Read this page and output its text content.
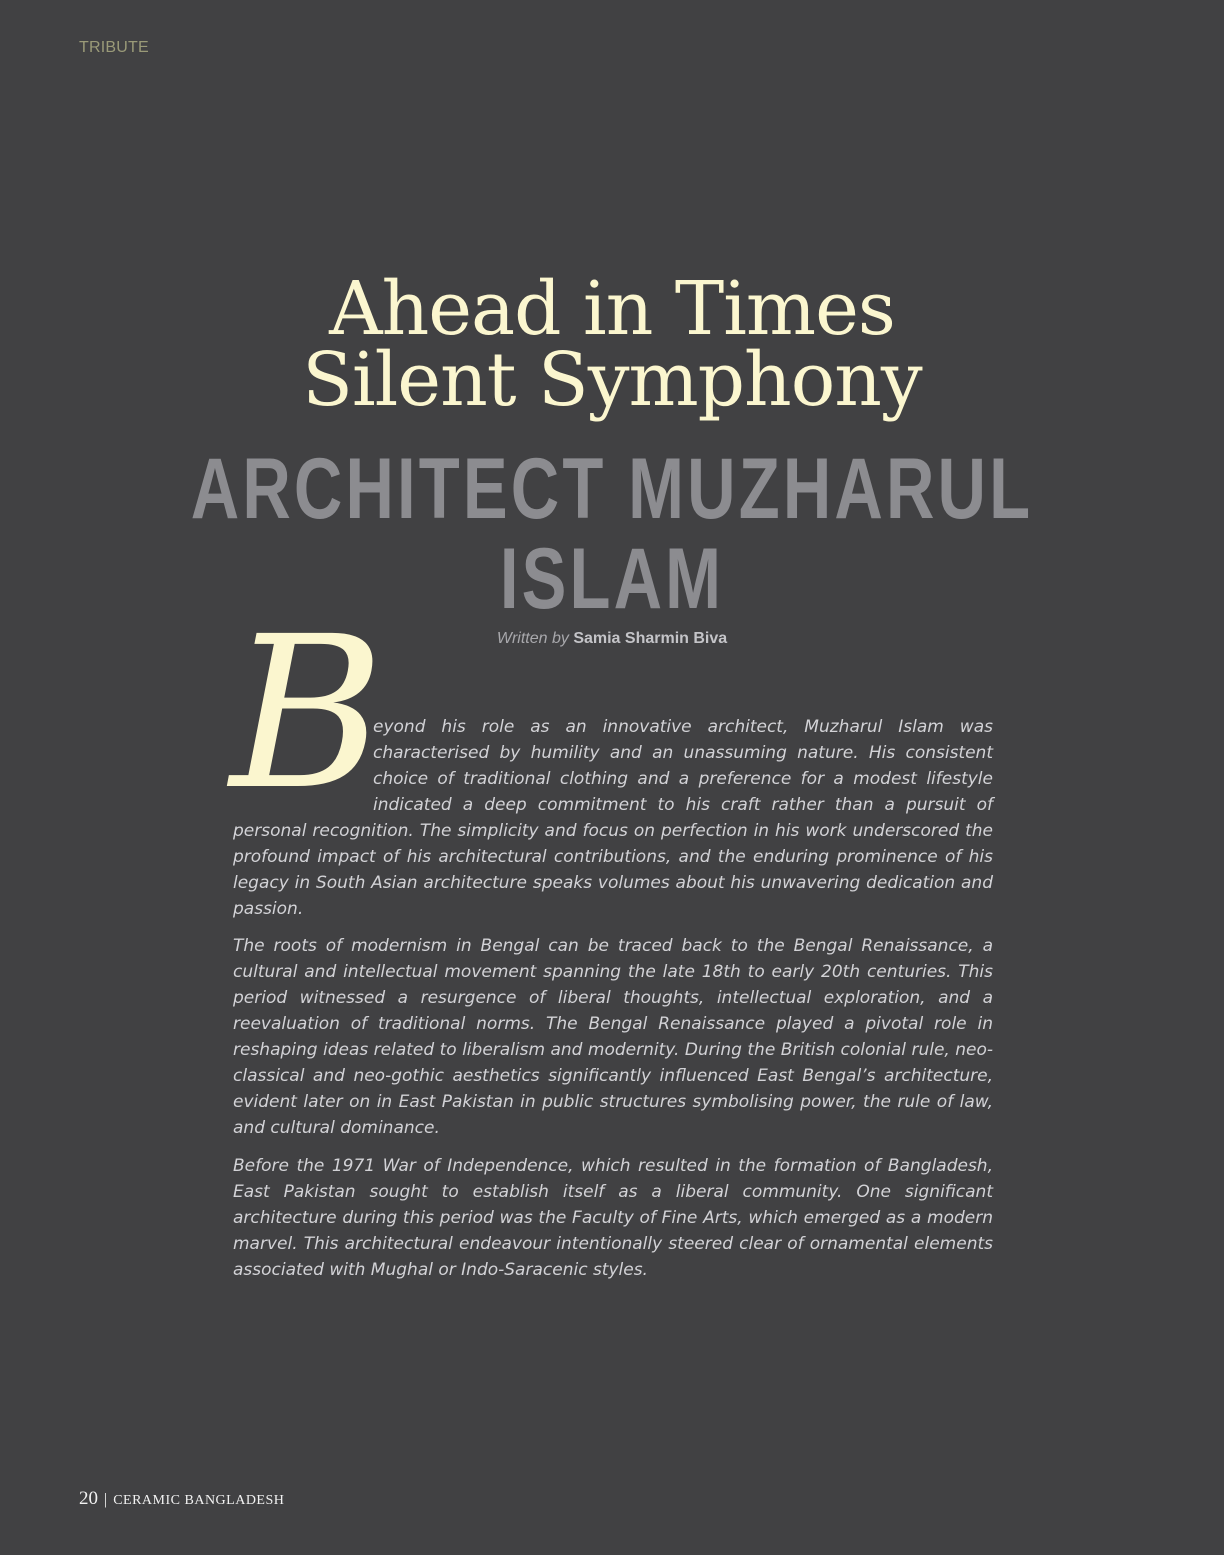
TRIBUTE
Ahead in Times
Silent Symphony
ARCHITECT MUZHARUL ISLAM
Written by Samia Sharmin Biva
B

eyond his role as an innovative architect, Muzharul Islam was characterised by humility and an unassuming nature. His consistent choice of traditional clothing and a preference for a modest lifestyle indicated a deep commitment to his craft rather than a pursuit of personal recognition. The simplicity and focus on perfection in his work underscored the profound impact of his architectural contributions, and the enduring prominence of his legacy in South Asian architecture speaks volumes about his unwavering dedication and passion.

The roots of modernism in Bengal can be traced back to the Bengal Renaissance, a cultural and intellectual movement spanning the late 18th to early 20th centuries. This period witnessed a resurgence of liberal thoughts, intellectual exploration, and a reevaluation of traditional norms. The Bengal Renaissance played a pivotal role in reshaping ideas related to liberalism and modernity. During the British colonial rule, neo-classical and neo-gothic aesthetics significantly influenced East Bengal’s architecture, evident later on in East Pakistan in public structures symbolising power, the rule of law, and cultural dominance.

Before the 1971 War of Independence, which resulted in the formation of Bangladesh, East Pakistan sought to establish itself as a liberal community. One significant architecture during this period was the Faculty of Fine Arts, which emerged as a modern marvel. This architectural endeavour intentionally steered clear of ornamental elements associated with Mughal or Indo-Saracenic styles.

20 | CERAMIC BANGLADESH
